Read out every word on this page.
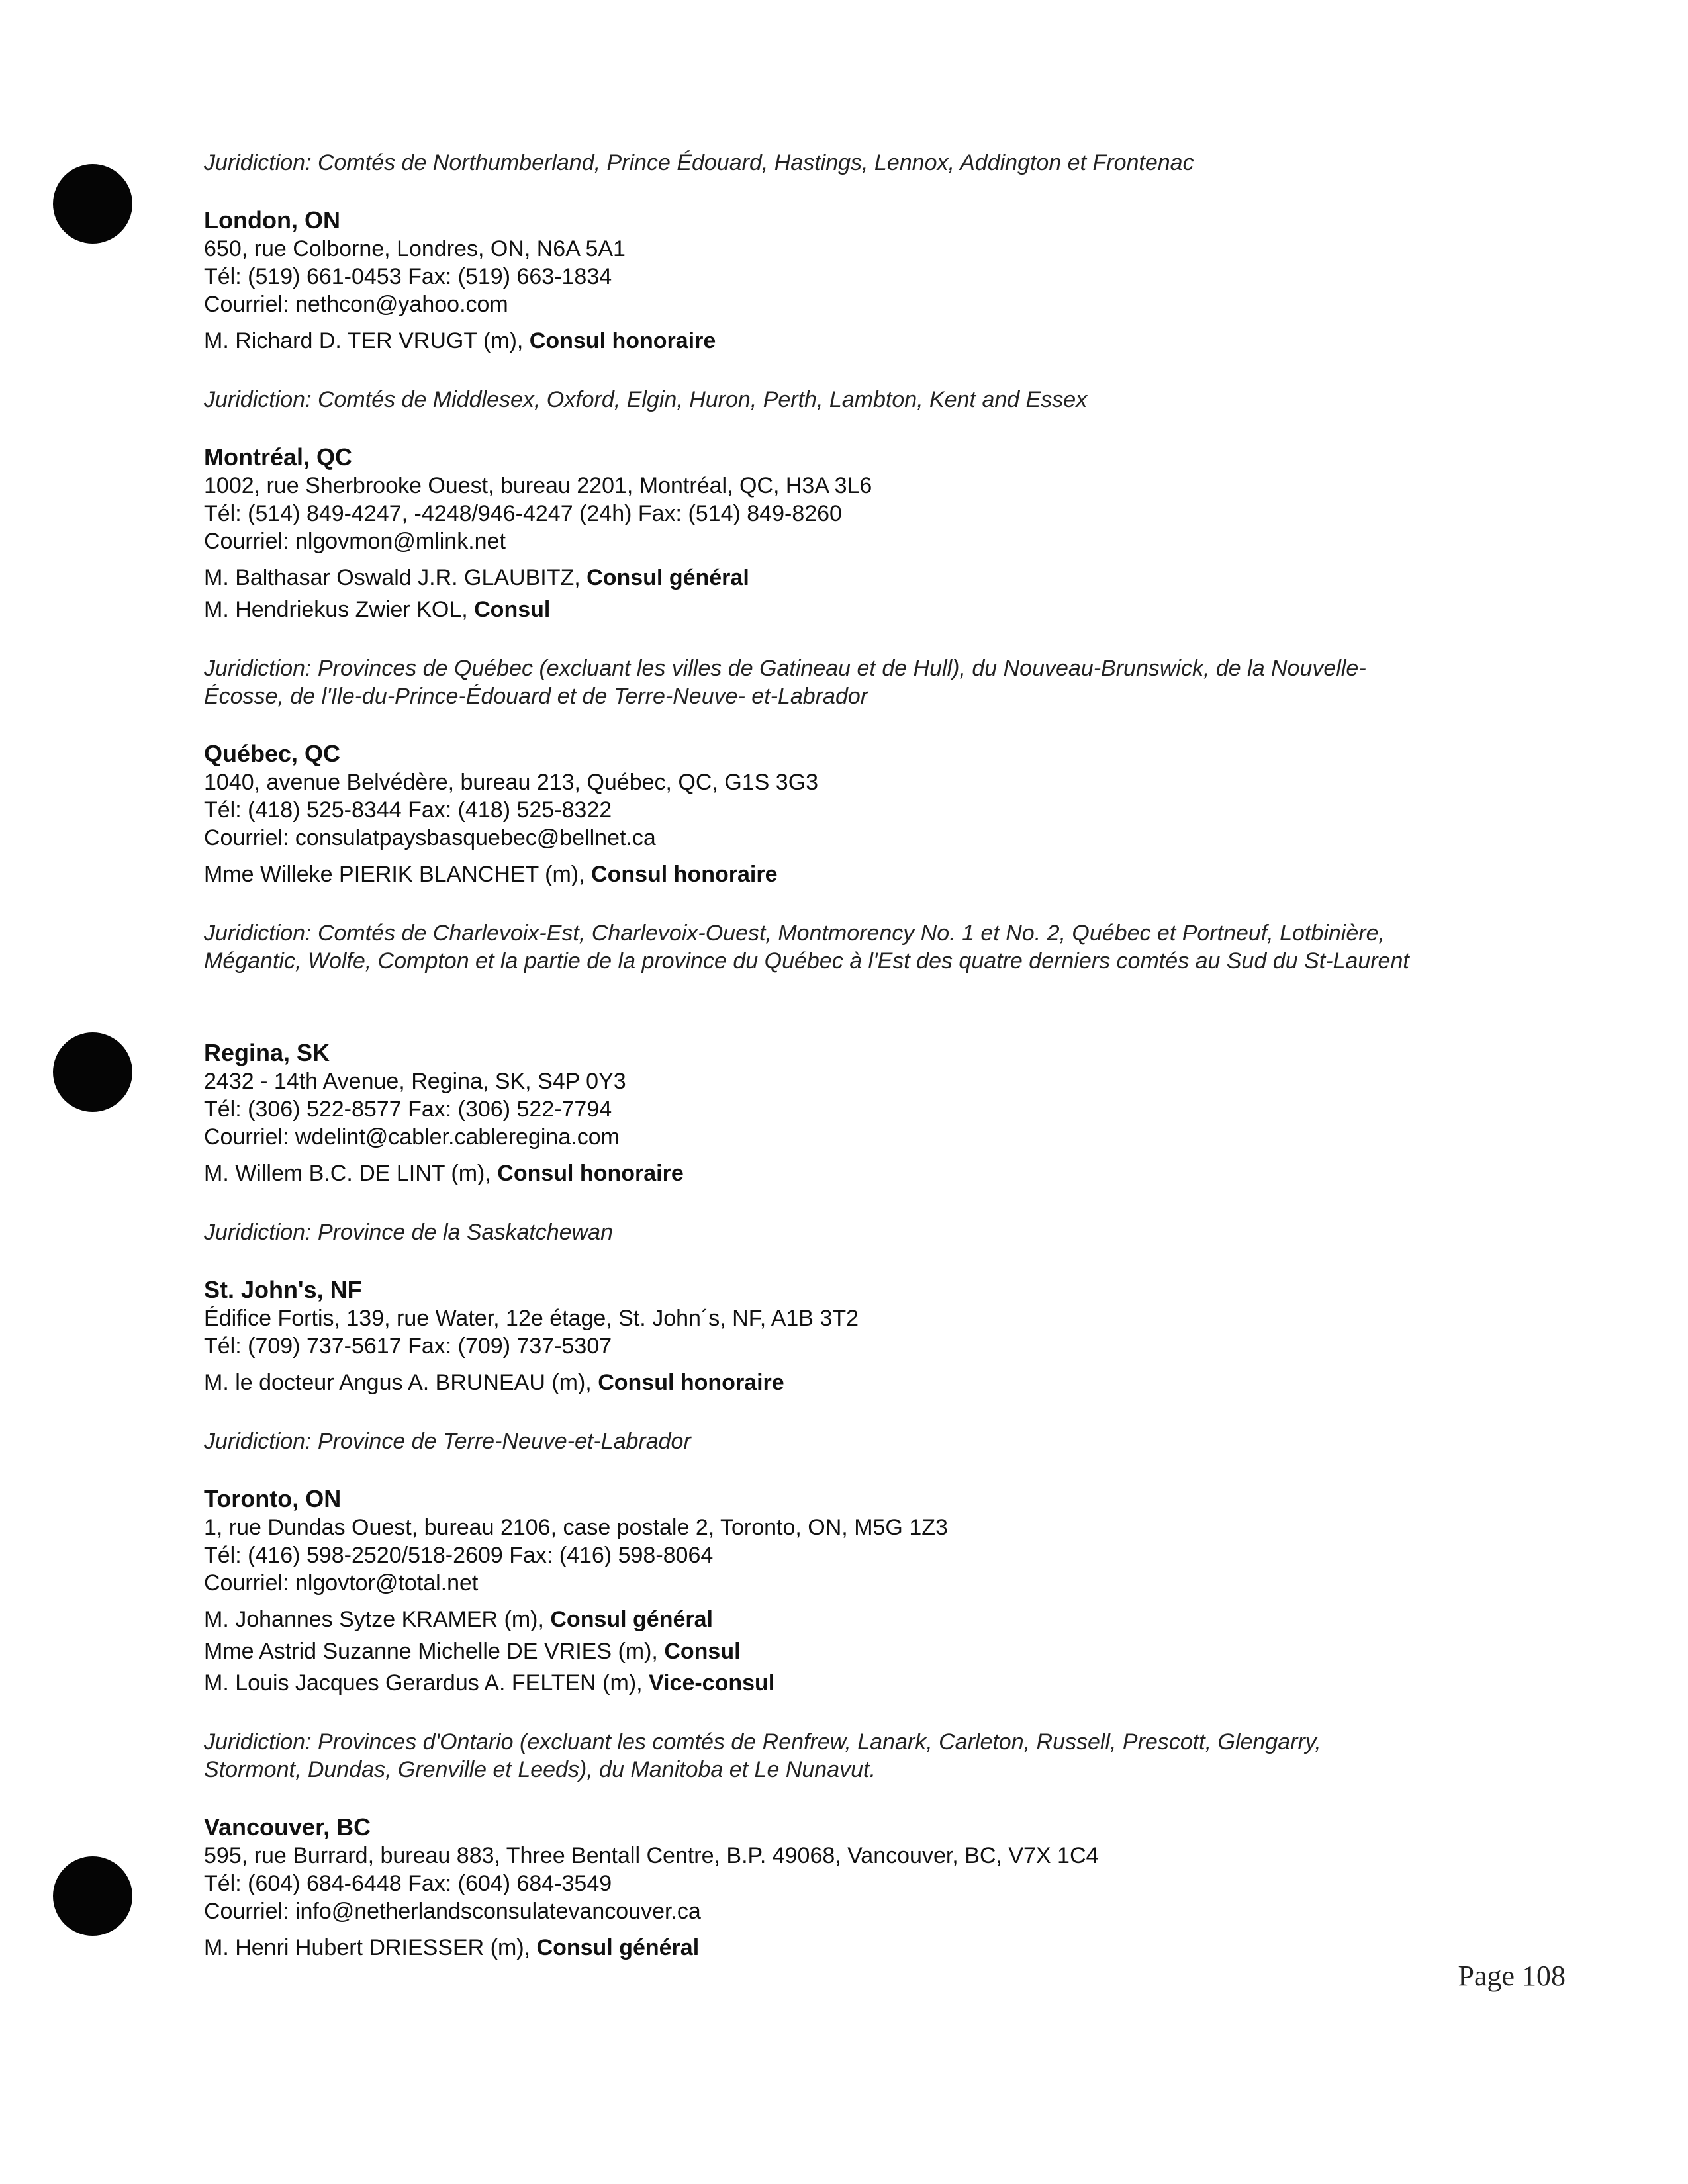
Juridiction: Comtés de Northumberland, Prince Édouard, Hastings, Lennox, Addington et Frontenac

London, ON

650, rue Colborne, Londres, ON, N6A 5A1

Tél: (519) 661-0453 Fax: (519) 663-1834

Courriel: nethcon@yahoo.com

M. Richard D. TER VRUGT (m), Consul honoraire

Juridiction: Comtés de Middlesex, Oxford, Elgin, Huron, Perth, Lambton, Kent and Essex

Montréal, QC

1002, rue Sherbrooke Ouest, bureau 2201, Montréal, QC, H3A 3L6

Tél: (514) 849-4247, -4248/946-4247 (24h) Fax: (514) 849-8260

Courriel: nlgovmon@mlink.net

M. Balthasar Oswald J.R. GLAUBITZ, Consul général

M. Hendriekus Zwier KOL, Consul

Juridiction: Provinces de Québec (excluant les villes de Gatineau et de Hull), du Nouveau-Brunswick, de la Nouvelle-

Écosse, de l'Ile-du-Prince-Édouard et de Terre-Neuve- et-Labrador

Québec, QC

1040, avenue Belvédère, bureau 213, Québec, QC, G1S 3G3

Tél: (418) 525-8344 Fax: (418) 525-8322

Courriel: consulatpaysbasquebec@bellnet.ca

Mme Willeke PIERIK BLANCHET (m), Consul honoraire

Juridiction: Comtés de Charlevoix-Est, Charlevoix-Ouest, Montmorency No. 1 et No. 2, Québec et Portneuf, Lotbinière,

Mégantic, Wolfe, Compton et la partie de la province du Québec à l'Est des quatre derniers comtés au Sud du St-Laurent

Regina, SK

2432 - 14th Avenue, Regina, SK, S4P 0Y3

Tél: (306) 522-8577 Fax: (306) 522-7794

Courriel: wdelint@cabler.cableregina.com

M. Willem B.C. DE LINT (m), Consul honoraire

Juridiction: Province de la Saskatchewan

St. John's, NF

Édifice Fortis, 139, rue Water, 12e étage, St. John´s, NF, A1B 3T2

Tél: (709) 737-5617 Fax: (709) 737-5307

M. le docteur Angus A. BRUNEAU (m), Consul honoraire

Juridiction: Province de Terre-Neuve-et-Labrador

Toronto, ON

1, rue Dundas Ouest, bureau 2106, case postale 2, Toronto, ON, M5G 1Z3

Tél: (416) 598-2520/518-2609 Fax: (416) 598-8064

Courriel: nlgovtor@total.net

M. Johannes Sytze KRAMER (m), Consul général

Mme Astrid Suzanne Michelle DE VRIES (m), Consul

M. Louis Jacques Gerardus A. FELTEN (m), Vice-consul

Juridiction: Provinces d'Ontario (excluant les comtés de Renfrew, Lanark, Carleton, Russell, Prescott, Glengarry,

Stormont, Dundas, Grenville et Leeds), du Manitoba et Le Nunavut.

Vancouver, BC

595, rue Burrard, bureau 883, Three Bentall Centre, B.P. 49068, Vancouver, BC, V7X 1C4

Tél: (604) 684-6448 Fax: (604) 684-3549

Courriel: info@netherlandsconsulatevancouver.ca

M. Henri Hubert DRIESSER (m), Consul général

Page 108
